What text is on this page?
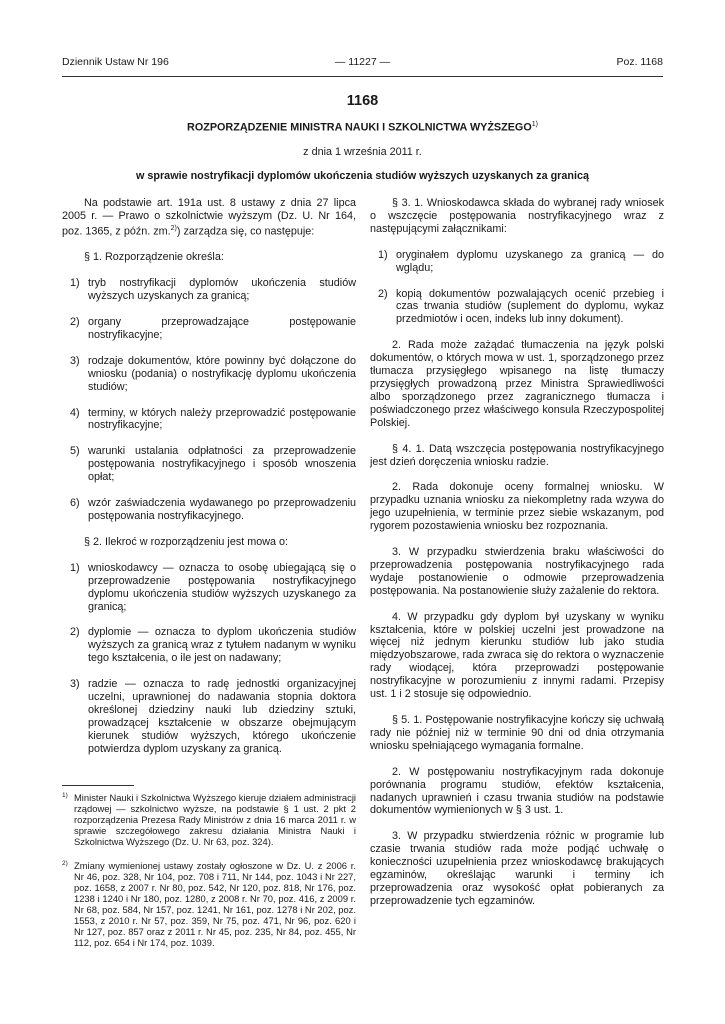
Dziennik Ustaw Nr 196	— 11227 —	Poz. 1168
1168
ROZPORZĄDZENIE MINISTRA NAUKI I SZKOLNICTWA WYŻSZEGO$^{1)}$
z dnia 1 września 2011 r.
w sprawie nostryfikacji dyplomów ukończenia studiów wyższych uzyskanych za granicą

Na podstawie art. 191a ust. 8 ustawy z dnia 27 lipca 2005 r. — Prawo o szkolnictwie wyższym (Dz. U. Nr 164, poz. 1365, z późn. zm.$^{2)}$) zarządza się, co następuje:

§ 1. Rozporządzenie określa:

1) tryb nostryfikacji dyplomów ukończenia studiów wyższych uzyskanych za granicą;
2) organy przeprowadzające postępowanie nostryfikacyjne;
3) rodzaje dokumentów, które powinny być dołączone do wniosku (podania) o nostryfikację dyplomu ukończenia studiów;
4) terminy, w których należy przeprowadzić postępowanie nostryfikacyjne;
5) warunki ustalania odpłatności za przeprowadzenie postępowania nostryfikacyjnego i sposób wnoszenia opłat;
6) wzór zaświadczenia wydawanego po przeprowadzeniu postępowania nostryfikacyjnego.

§ 2. Ilekroć w rozporządzeniu jest mowa o:

1) wnioskodawcy — oznacza to osobę ubiegającą się o przeprowadzenie postępowania nostryfikacyjnego dyplomu ukończenia studiów wyższych uzyskanego za granicą;
2) dyplomie — oznacza to dyplom ukończenia studiów wyższych za granicą wraz z tytułem nadanym w wyniku tego kształcenia, o ile jest on nadawany;
3) radzie — oznacza to radę jednostki organizacyjnej uczelni, uprawnionej do nadawania stopnia doktora określonej dziedziny nauki lub dziedziny sztuki, prowadzącej kształcenie w obszarze obejmującym kierunek studiów wyższych, którego ukończenie potwierdza dyplom uzyskany za granicą.
1) Minister Nauki i Szkolnictwa Wyższego kieruje działem administracji rządowej — szkolnictwo wyższe, na podstawie § 1 ust. 2 pkt 2 rozporządzenia Prezesa Rady Ministrów z dnia 16 marca 2011 r. w sprawie szczegółowego zakresu działania Ministra Nauki i Szkolnictwa Wyższego (Dz. U. Nr 63, poz. 324).
2) Zmiany wymienionej ustawy zostały ogłoszone w Dz. U. z 2006 r. Nr 46, poz. 328, Nr 104, poz. 708 i 711, Nr 144, poz. 1043 i Nr 227, poz. 1658, z 2007 r. Nr 80, poz. 542, Nr 120, poz. 818, Nr 176, poz. 1238 i 1240 i Nr 180, poz. 1280, z 2008 r. Nr 70, poz. 416, z 2009 r. Nr 68, poz. 584, Nr 157, poz. 1241, Nr 161, poz. 1278 i Nr 202, poz. 1553, z 2010 r. Nr 57, poz. 359, Nr 75, poz. 471, Nr 96, poz. 620 i Nr 127, poz. 857 oraz z 2011 r. Nr 45, poz. 235, Nr 84, poz. 455, Nr 112, poz. 654 i Nr 174, poz. 1039.

§ 3. 1. Wnioskodawca składa do wybranej rady wniosek o wszczęcie postępowania nostryfikacyjnego wraz z następującymi załącznikami:

1) oryginałem dyplomu uzyskanego za granicą — do wglądu;
2) kopią dokumentów pozwalających ocenić przebieg i czas trwania studiów (suplement do dyplomu, wykaz przedmiotów i ocen, indeks lub inny dokument).

2. Rada może zażądać tłumaczenia na język polski dokumentów, o których mowa w ust. 1, sporządzonego przez tłumacza przysięgłego wpisanego na listę tłumaczy przysięgłych prowadzoną przez Ministra Sprawiedliwości albo sporządzonego przez zagranicznego tłumacza i poświadczonego przez właściwego konsula Rzeczypospolitej Polskiej.

§ 4. 1. Datą wszczęcia postępowania nostryfikacyjnego jest dzień doręczenia wniosku radzie.

2. Rada dokonuje oceny formalnej wniosku. W przypadku uznania wniosku za niekompletny rada wzywa do jego uzupełnienia, w terminie przez siebie wskazanym, pod rygorem pozostawienia wniosku bez rozpoznania.

3. W przypadku stwierdzenia braku właściwości do przeprowadzenia postępowania nostryfikacyjnego rada wydaje postanowienie o odmowie przeprowadzenia postępowania. Na postanowienie służy zażalenie do rektora.

4. W przypadku gdy dyplom był uzyskany w wyniku kształcenia, które w polskiej uczelni jest prowadzone na więcej niż jednym kierunku studiów lub jako studia międzyobszarowe, rada zwraca się do rektora o wyznaczenie rady wiodącej, która przeprowadzi postępowanie nostryfikacyjne w porozumieniu z innymi radami. Przepisy ust. 1 i 2 stosuje się odpowiednio.

§ 5. 1. Postępowanie nostryfikacyjne kończy się uchwałą rady nie później niż w terminie 90 dni od dnia otrzymania wniosku spełniającego wymagania formalne.

2. W postępowaniu nostryfikacyjnym rada dokonuje porównania programu studiów, efektów kształcenia, nadanych uprawnień i czasu trwania studiów na podstawie dokumentów wymienionych w § 3 ust. 1.

3. W przypadku stwierdzenia różnic w programie lub czasie trwania studiów rada może podjąć uchwałę o konieczności uzupełnienia przez wnioskodawcę brakujących egzaminów, określając warunki i terminy ich przeprowadzenia oraz wysokość opłat pobieranych za przeprowadzenie tych egzaminów.
